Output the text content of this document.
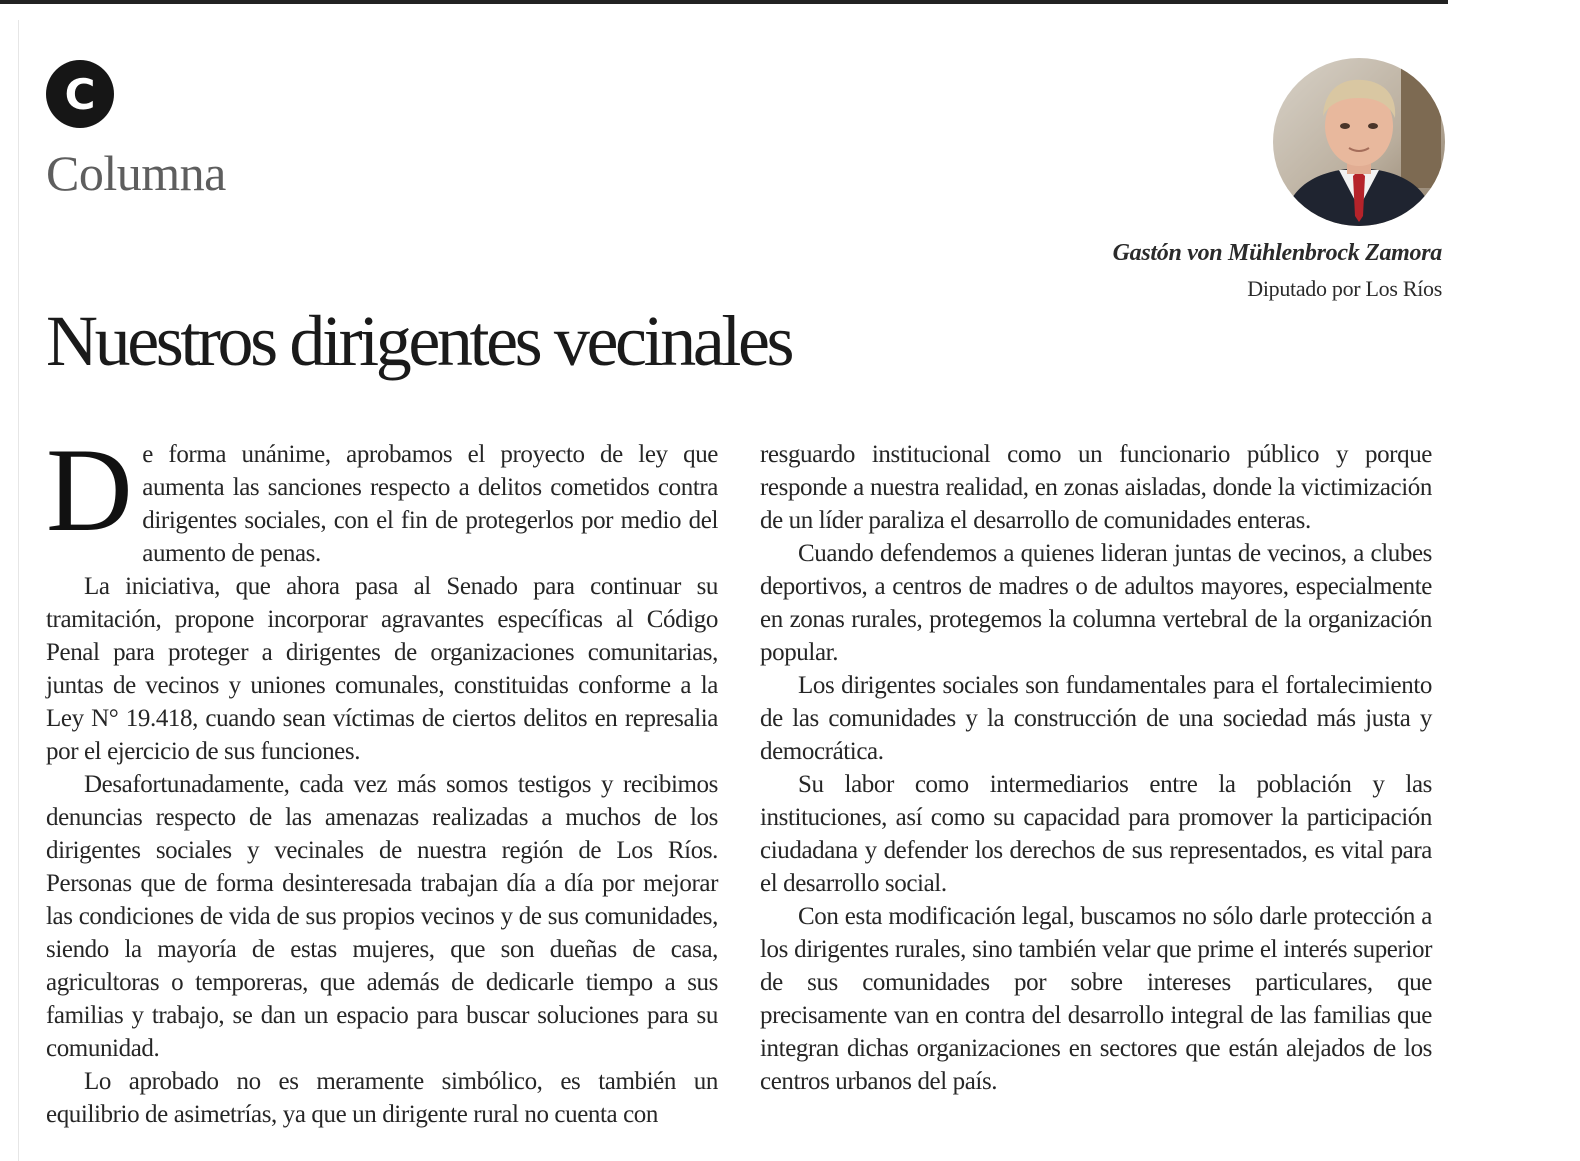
C
Columna
Gastón von Mühlenbrock Zamora
Diputado por Los Ríos
Nuestros dirigentes vecinales

De forma unánime, aprobamos el proyecto de ley que aumenta las sanciones respecto a delitos cometidos contra dirigentes sociales, con el fin de protegerlos por medio del aumento de penas.

La iniciativa, que ahora pasa al Senado para continuar su tramitación, propone incorporar agravantes específicas al Código Penal para proteger a dirigentes de organizaciones comunitarias, juntas de vecinos y uniones comunales, constituidas conforme a la Ley N° 19.418, cuando sean víctimas de ciertos delitos en represalia por el ejercicio de sus funciones.

Desafortunadamente, cada vez más somos testigos y recibimos denuncias respecto de las amenazas realizadas a muchos de los dirigentes sociales y vecinales de nuestra región de Los Ríos. Personas que de forma desinteresada trabajan día a día por mejorar las condiciones de vida de sus propios vecinos y de sus comunidades, siendo la mayoría de estas mujeres, que son dueñas de casa, agricultoras o temporeras, que además de dedicarle tiempo a sus familias y trabajo, se dan un espacio para buscar soluciones para su comunidad.

Lo aprobado no es meramente simbólico, es también un equilibrio de asimetrías, ya que un dirigente rural no cuenta con

resguardo institucional como un funcionario público y porque responde a nuestra realidad, en zonas aisladas, donde la victimización de un líder paraliza el desarrollo de comunidades enteras.

Cuando defendemos a quienes lideran juntas de vecinos, a clubes deportivos, a centros de madres o de adultos mayores, especialmente en zonas rurales, protegemos la columna vertebral de la organización popular.

Los dirigentes sociales son fundamentales para el fortalecimiento de las comunidades y la construcción de una sociedad más justa y democrática.

Su labor como intermediarios entre la población y las instituciones, así como su capacidad para promover la participación ciudadana y defender los derechos de sus representados, es vital para el desarrollo social.

Con esta modificación legal, buscamos no sólo darle protección a los dirigentes rurales, sino también velar que prime el interés superior de sus comunidades por sobre intereses particulares, que precisamente van en contra del desarrollo integral de las familias que integran dichas organizaciones en sectores que están alejados de los centros urbanos del país.
